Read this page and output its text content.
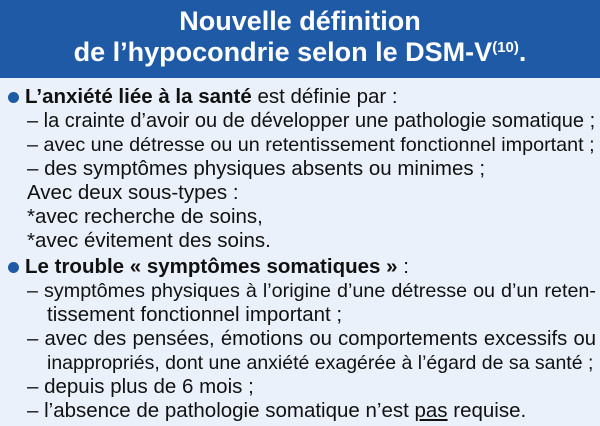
Nouvelle définition
de l’hypocondrie selon le DSM-$V^{(10)}$.
L’anxiété liée à la santé est définie par :
– la crainte d’avoir ou de développer une pathologie somatique ;
– avec une détresse ou un retentissement fonctionnel important ;
– des symptômes physiques absents ou minimes ;
Avec deux sous-types :
*avec recherche de soins,
*avec évitement des soins.
Le trouble « symptômes somatiques » :
– symptômes physiques à l’origine d’une détresse ou d’un reten-
tissement fonctionnel important ;
– avec des pensées, émotions ou comportements excessifs ou
inappropriés, dont une anxiété exagérée à l’égard de sa santé ;
– depuis plus de 6 mois ;
– l’absence de pathologie somatique n’est pas requise.
